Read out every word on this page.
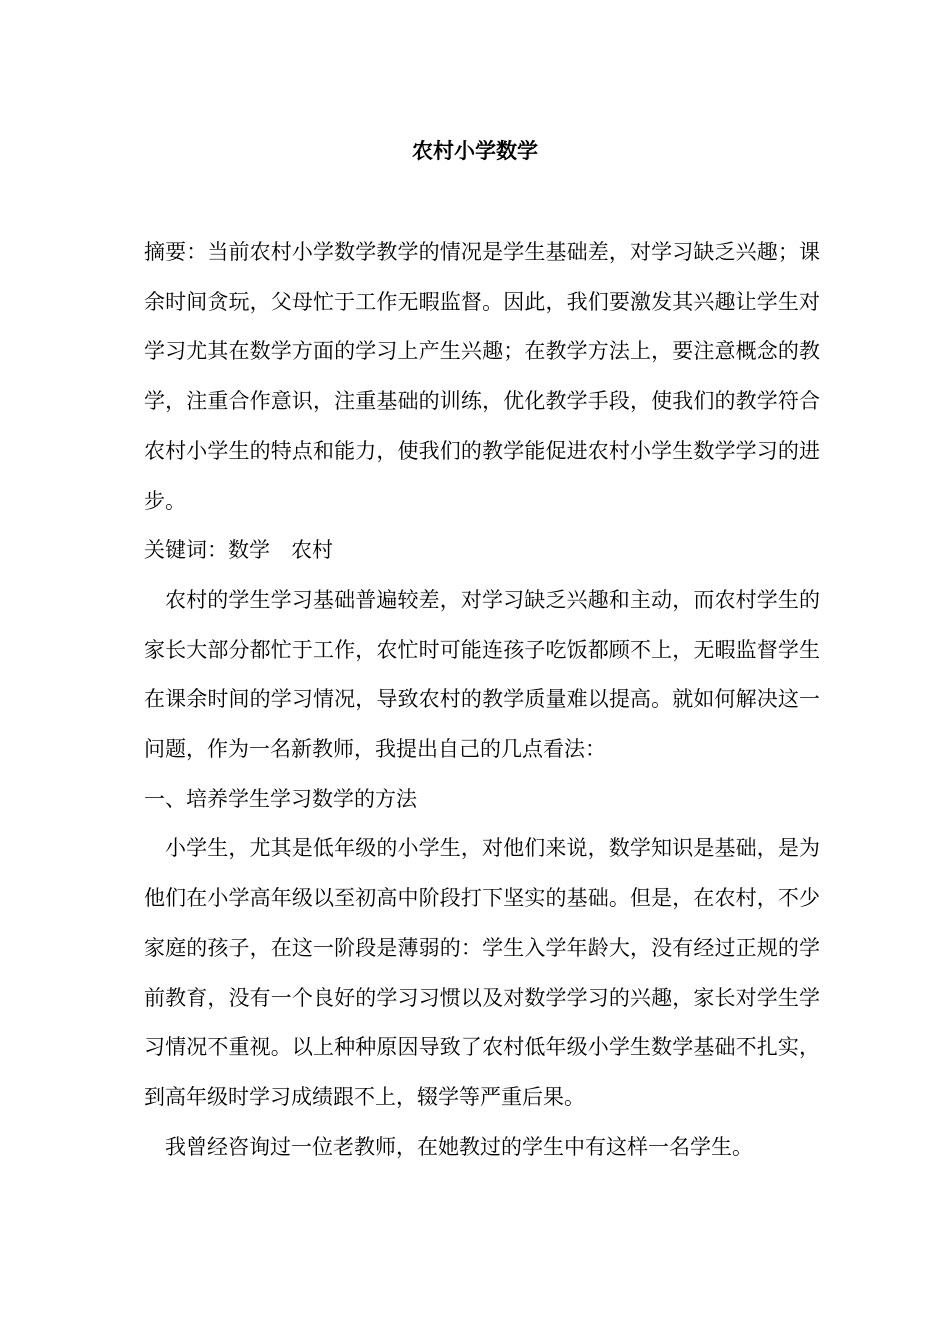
农村小学数学

摘要：当前农村小学数学教学的情况是学生基础差，对学习缺乏兴趣；课余时间贪玩，父母忙于工作无暇监督。因此，我们要激发其兴趣让学生对学习尤其在数学方面的学习上产生兴趣；在教学方法上，要注意概念的教学，注重合作意识，注重基础的训练，优化教学手段，使我们的教学符合农村小学生的特点和能力，使我们的教学能促进农村小学生数学学习的进步。

关键词：数学　农村

农村的学生学习基础普遍较差，对学习缺乏兴趣和主动，而农村学生的家长大部分都忙于工作，农忙时可能连孩子吃饭都顾不上，无暇监督学生在课余时间的学习情况，导致农村的教学质量难以提高。就如何解决这一问题，作为一名新教师，我提出自己的几点看法：

一、培养学生学习数学的方法

小学生，尤其是低年级的小学生，对他们来说，数学知识是基础，是为他们在小学高年级以至初高中阶段打下坚实的基础。但是，在农村，不少家庭的孩子，在这一阶段是薄弱的：学生入学年龄大，没有经过正规的学前教育，没有一个良好的学习习惯以及对数学学习的兴趣，家长对学生学习情况不重视。以上种种原因导致了农村低年级小学生数学基础不扎实，到高年级时学习成绩跟不上，辍学等严重后果。

我曾经咨询过一位老教师，在她教过的学生中有这样一名学生。
